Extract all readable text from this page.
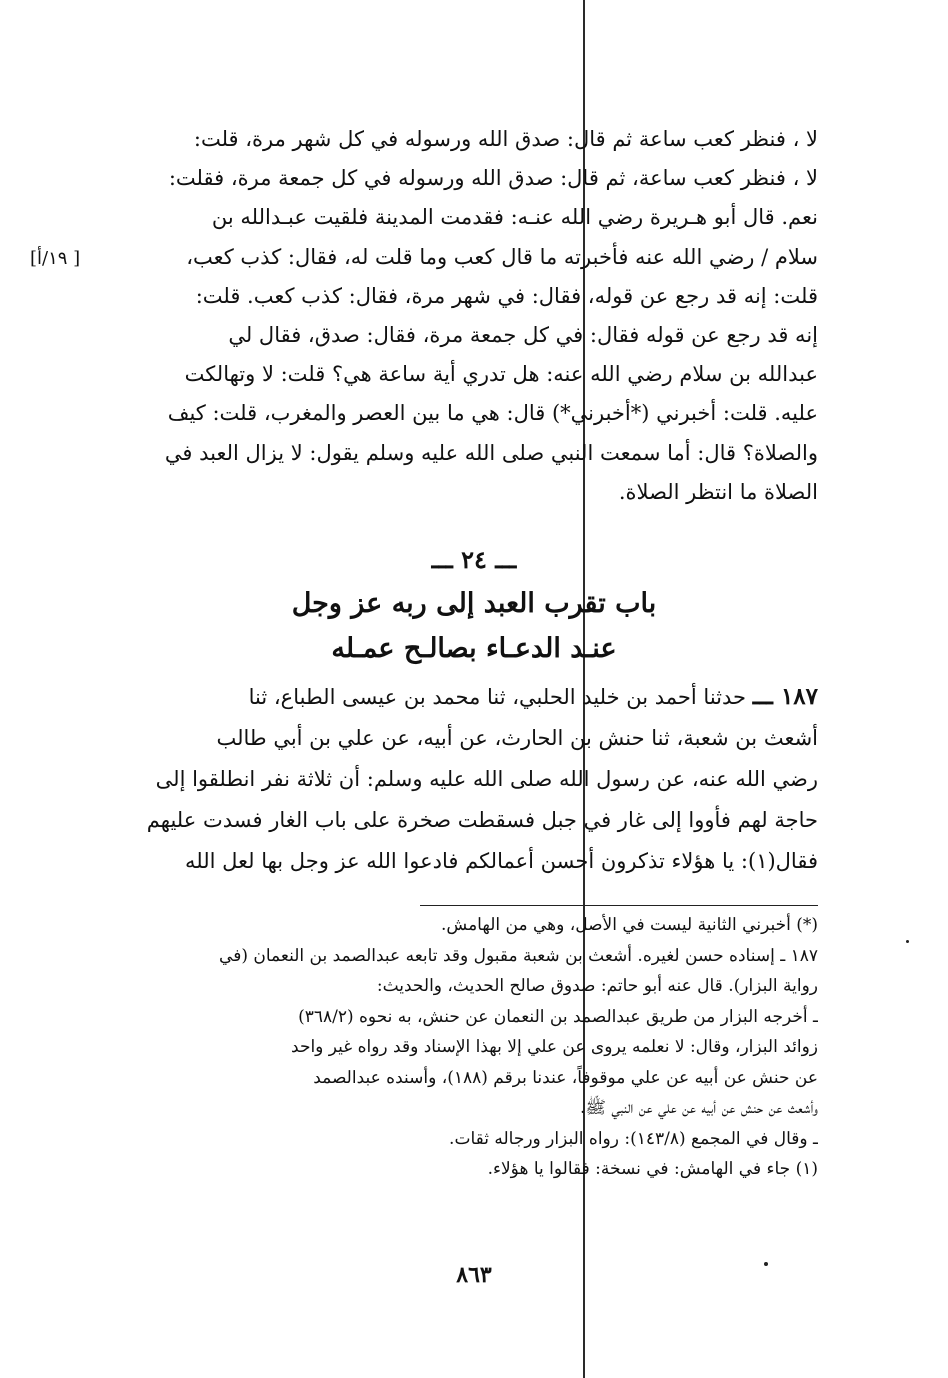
[ ١٩/أ]
لا ، فنظر كعب ساعة ثم قال: صدق الله ورسوله في كل شهر مرة، قلت:
لا ، فنظر كعب ساعة، ثم قال: صدق الله ورسوله في كل جمعة مرة، فقلت:
نعم. قال أبو هـريرة رضي الله عنـه: فقدمت المدينة فلقيت عبـدالله بن
سلام / رضي الله عنه فأخبرته ما قال كعب وما قلت له، فقال: كذب كعب،
قلت: إنه قد رجع عن قوله، فقال: في شهر مرة، فقال: كذب كعب. قلت:
إنه قد رجع عن قوله فقال: في كل جمعة مرة، فقال: صدق، فقال لي
عبدالله بن سلام رضي الله عنه: هل تدري أية ساعة هي؟ قلت: لا وتهالكت
عليه. قلت: أخبرني (*أخبرني*) قال: هي ما بين العصر والمغرب، قلت: كيف
والصلاة؟ قال: أما سمعت النبي صلى الله عليه وسلم يقول: لا يزال العبد في
الصلاة ما انتظر الصلاة.
ـــ ٢٤ ـــ
باب تقرب العبد إلى ربه عز وجل
عنـد الدعـاء بصالـح عمـله
١٨٧ ـــ حدثنا أحمد بن خليد الحلبي، ثنا محمد بن عيسى الطباع، ثنا
أشعث بن شعبة، ثنا حنش بن الحارث، عن أبيه، عن علي بن أبي طالب
رضي الله عنه، عن رسول الله صلى الله عليه وسلم: أن ثلاثة نفر انطلقوا إلى
حاجة لهم فأووا إلى غار في جبل فسقطت صخرة على باب الغار فسدت عليهم
فقال(١): يا هؤلاء تذكرون أحسن أعمالكم فادعوا الله عز وجل بها لعل الله
(*) أخبرني الثانية ليست في الأصل، وهي من الهامش.
١٨٧ ـ إسناده حسن لغيره. أشعث بن شعبة مقبول وقد تابعه عبدالصمد بن النعمان (في
رواية البزار). قال عنه أبو حاتم: صدوق صالح الحديث، والحديث:
ـ أخرجه البزار من طريق عبدالصمد بن النعمان عن حنش، به نحوه (٣٦٨/٢)
زوائد البزار، وقال: لا نعلمه يروى عن علي إلا بهذا الإسناد وقد رواه غير واحد
عن حنش عن أبيه عن علي موقوفاً، عندنا برقم (١٨٨)، وأسنده عبدالصمد
وأشعث عن حنش عن أبيه عن علي عن النبي ﷺ.
ـ وقال في المجمع (١٤٣/٨): رواه البزار ورجاله ثقات.
(١) جاء في الهامش: في نسخة: فقالوا يا هؤلاء.
٨٦٣
